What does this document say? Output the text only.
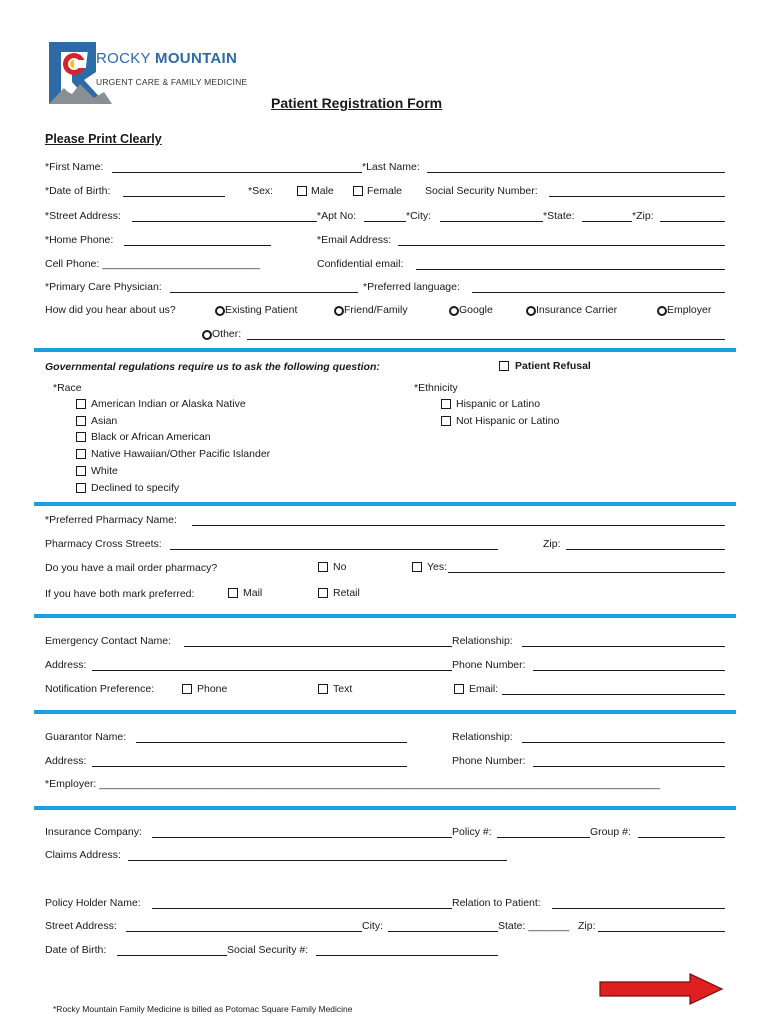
ROCKY MOUNTAIN
URGENT CARE & FAMILY MEDICINE
Patient Registration Form
Please Print Clearly
*First Name:	*Last Name:
*Date of Birth:	*Sex:	Male	Female Social Security Number:
*Street Address:	*Apt No:	*City:	*State:	*Zip:
*Home Phone:	*Email Address:
Cell Phone: ___________________________	Confidential email:
*Primary Care Physician:	*Preferred language:
How did you hear about us?	Existing Patient	Friend/Family	Google	Insurance Carrier	Employer
Other:
Governmental regulations require us to ask the following question:	Patient Refusal
*Race
American Indian or Alaska Native
Asian
Black or African American
Native Hawaiian/Other Pacific Islander
White
Declined to specify
*Ethnicity
Hispanic or Latino
Not Hispanic or Latino
*Preferred Pharmacy Name:
Pharmacy Cross Streets:	Zip:
Do you have a mail order pharmacy?	No	Yes:
If you have both mark preferred:	Mail	Retail
Emergency Contact Name:	Relationship:
Address:	Phone Number:
Notification Preference:	Phone	Text	Email:
Guarantor Name:	Relationship:
Address:	Phone Number:
*Employer: ________________________________________________________________________________________________
Insurance Company:	Policy #:	Group #:
Claims Address:
Policy Holder Name:	Relation to Patient:
Street Address:	City:	State: _______ Zip:
Date of Birth:	Social Security #:
*Rocky Mountain Family Medicine is billed as Potomac Square Family Medicine
